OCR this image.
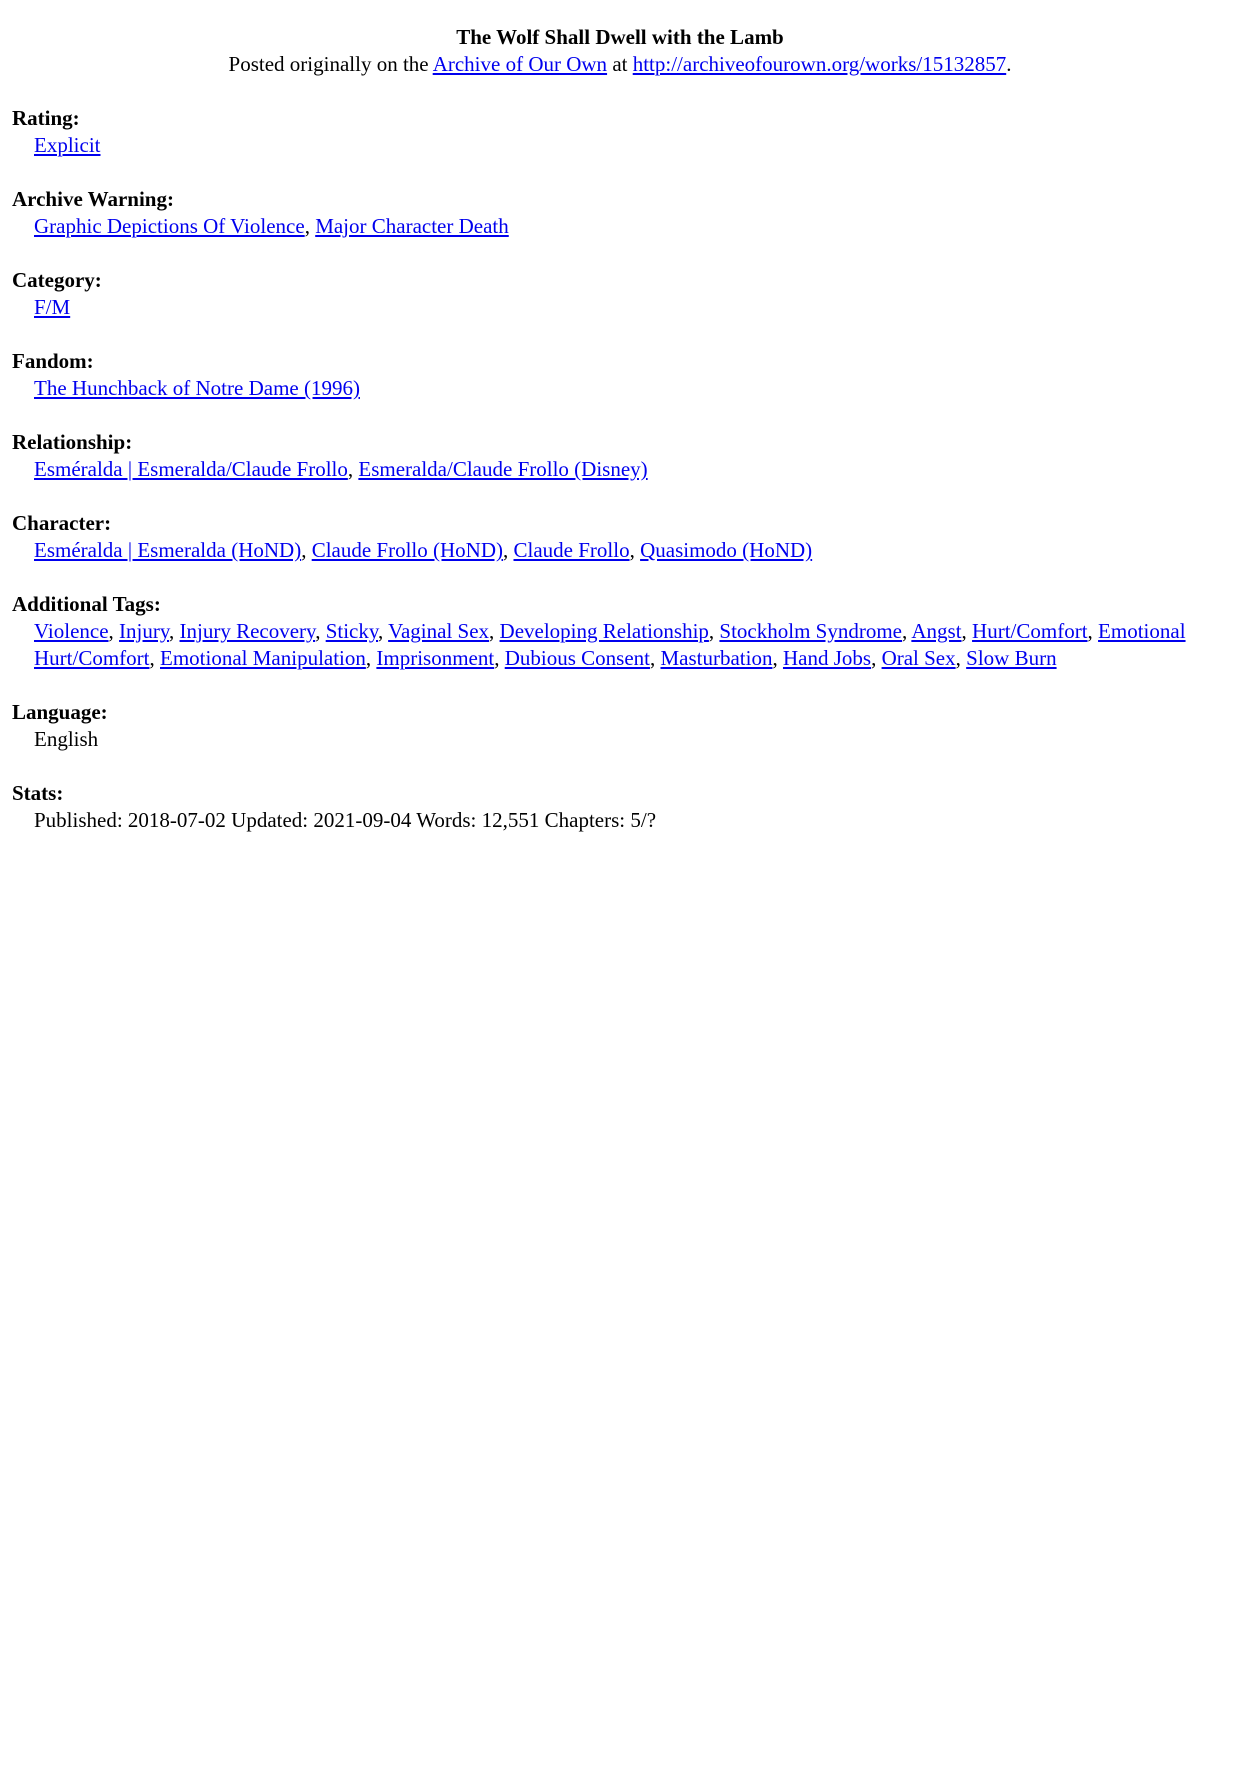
The Wolf Shall Dwell with the Lamb
Posted originally on the Archive of Our Own at http://archiveofourown.org/works/15132857.
Rating:
Explicit
Archive Warning:
Graphic Depictions Of Violence, Major Character Death
Category:
F/M
Fandom:
The Hunchback of Notre Dame (1996)
Relationship:
Esméralda | Esmeralda/Claude Frollo, Esmeralda/Claude Frollo (Disney)
Character:
Esméralda | Esmeralda (HoND), Claude Frollo (HoND), Claude Frollo, Quasimodo (HoND)
Additional Tags:
Violence, Injury, Injury Recovery, Sticky, Vaginal Sex, Developing Relationship, Stockholm Syndrome, Angst, Hurt/Comfort, Emotional Hurt/Comfort, Emotional Manipulation, Imprisonment, Dubious Consent, Masturbation, Hand Jobs, Oral Sex, Slow Burn
Language:
English
Stats:
Published: 2018-07-02 Updated: 2021-09-04 Words: 12,551 Chapters: 5/?
